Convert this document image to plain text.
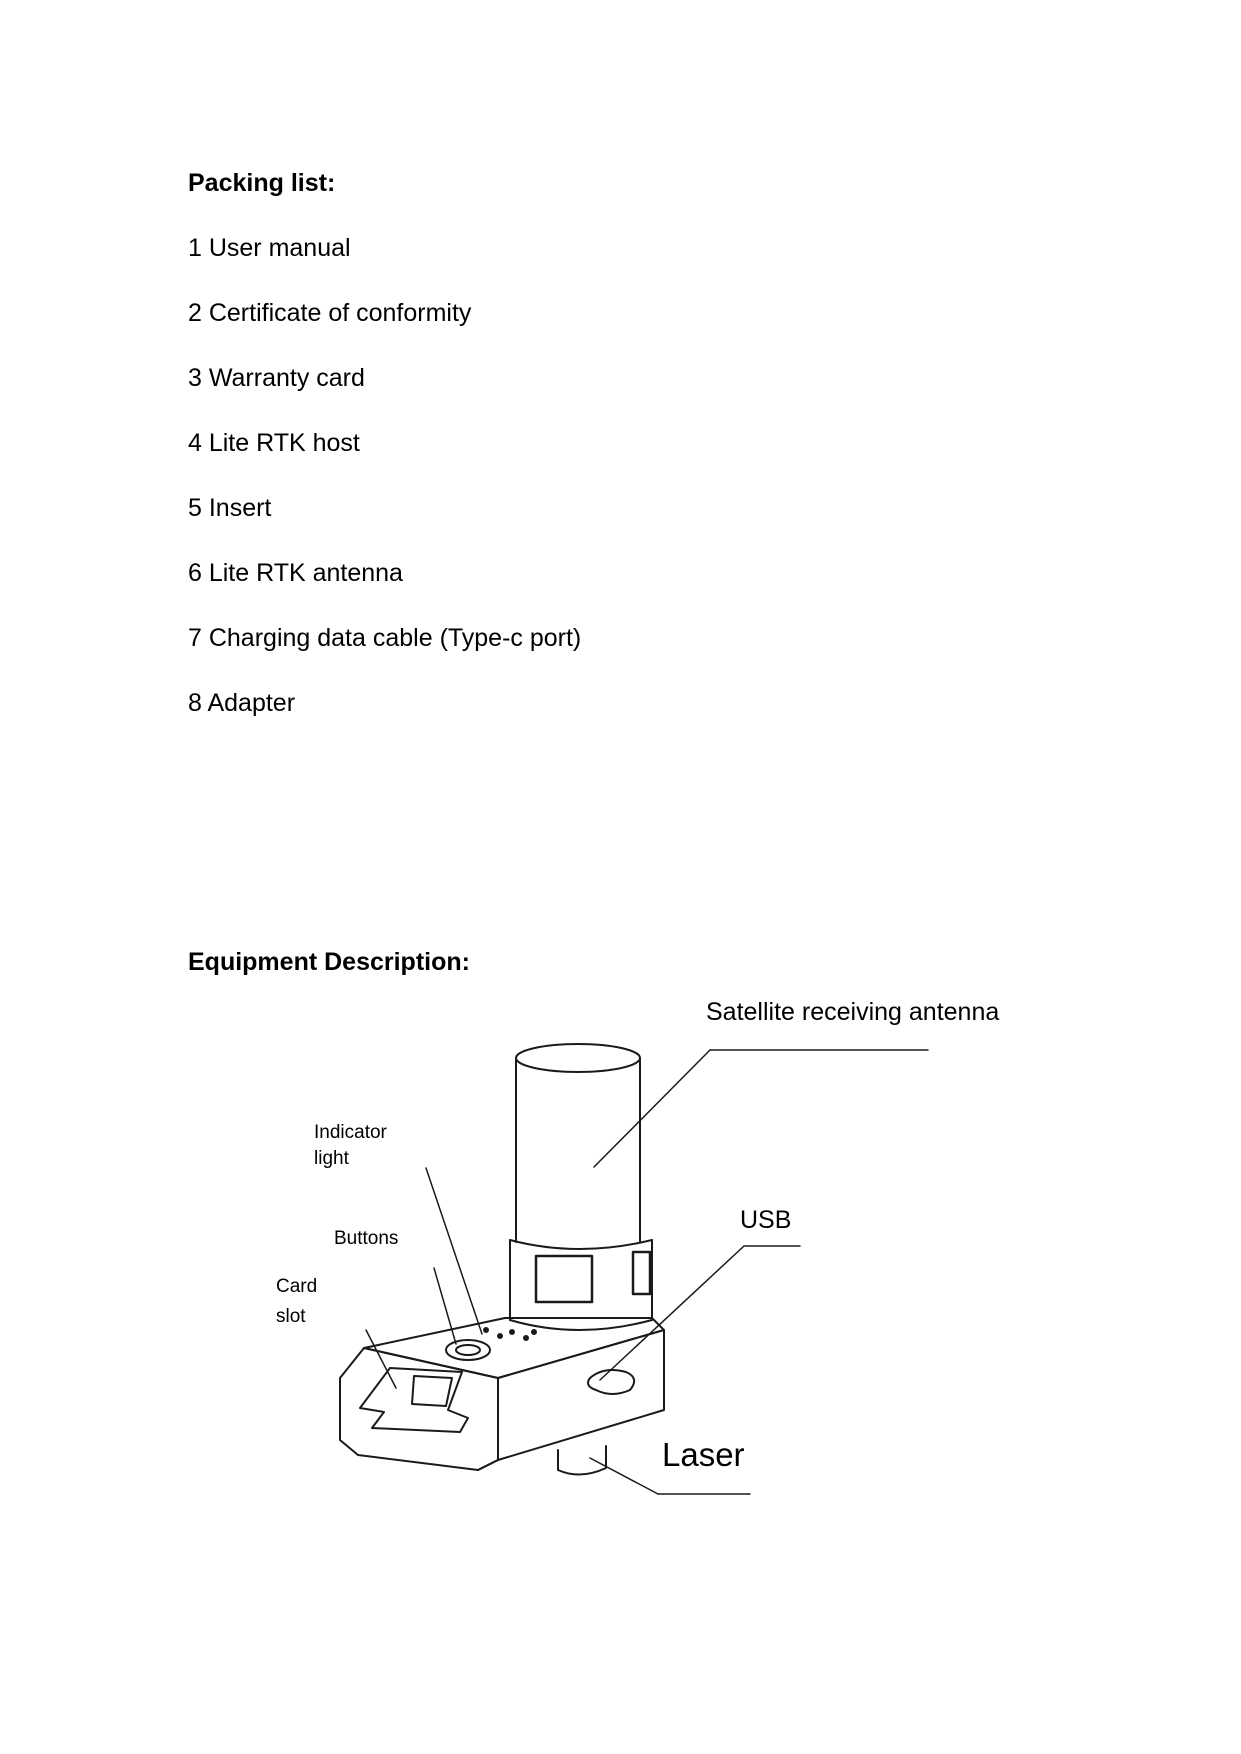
Packing list:
1 User manual
2 Certificate of conformity
3 Warranty card
4 Lite RTK host
5 Insert
6 Lite RTK antenna
7 Charging data cable (Type-c port)
8 Adapter
Equipment Description:
Satellite receiving antenna
Indicator
light
Buttons
Card
slot
USB
Laser
